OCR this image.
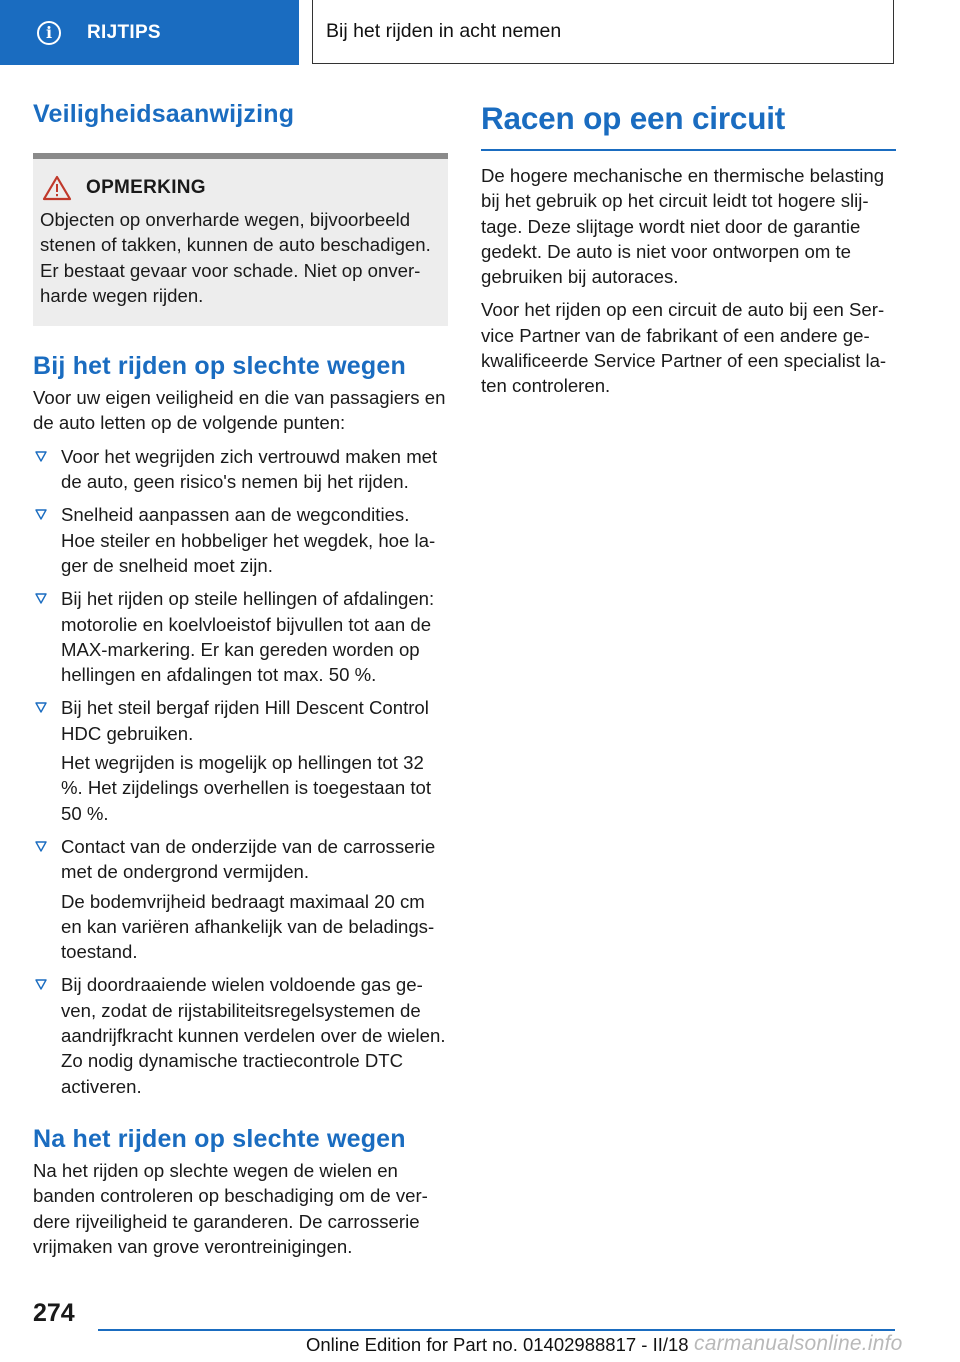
i	RIJTIPS	Bij het rijden in acht nemen
Veiligheidsaanwijzing
OPMERKING

Objecten op onverharde wegen, bijvoorbeeld stenen of takken, kunnen de auto beschadigen. Er bestaat gevaar voor schade. Niet op onverharde wegen rijden.

Bij het rijden op slechte wegen

Voor uw eigen veiligheid en die van passagiers en de auto letten op de volgende punten:

Voor het wegrijden zich vertrouwd maken met de auto, geen risico's nemen bij het rijden.

Snelheid aanpassen aan de wegcondities. Hoe steiler en hobbeliger het wegdek, hoe lager de snelheid moet zijn.

Bij het rijden op steile hellingen of afdalingen: motorolie en koelvloeistof bijvullen tot aan de MAX-markering. Er kan gereden worden op hellingen en afdalingen tot max. 50 %.

Bij het steil bergaf rijden Hill Descent Control HDC gebruiken.

Het wegrijden is mogelijk op hellingen tot 32 %. Het zijdelings overhellen is toegestaan tot 50 %.

Contact van de onderzijde van de carrosserie met de ondergrond vermijden.

De bodemvrijheid bedraagt maximaal 20 cm en kan variëren afhankelijk van de beladingstoestand.

Bij doordraaiende wielen voldoende gas geven, zodat de rijstabiliteitsregelsystemen de aandrijfkracht kunnen verdelen over de wielen. Zo nodig dynamische tractiecontrole DTC activeren.

Na het rijden op slechte wegen

Na het rijden op slechte wegen de wielen en banden controleren op beschadiging om de verdere rijveiligheid te garanderen. De carrosserie vrijmaken van grove verontreinigingen.

Racen op een circuit

De hogere mechanische en thermische belasting bij het gebruik op het circuit leidt tot hogere slijtage. Deze slijtage wordt niet door de garantie gedekt. De auto is niet voor ontworpen om te gebruiken bij autoraces.

Voor het rijden op een circuit de auto bij een Service Partner van de fabrikant of een andere gekwalificeerde Service Partner of een specialist laten controleren.

274
Online Edition for Part no. 01402988817 - II/18 carmanualsonline.info
